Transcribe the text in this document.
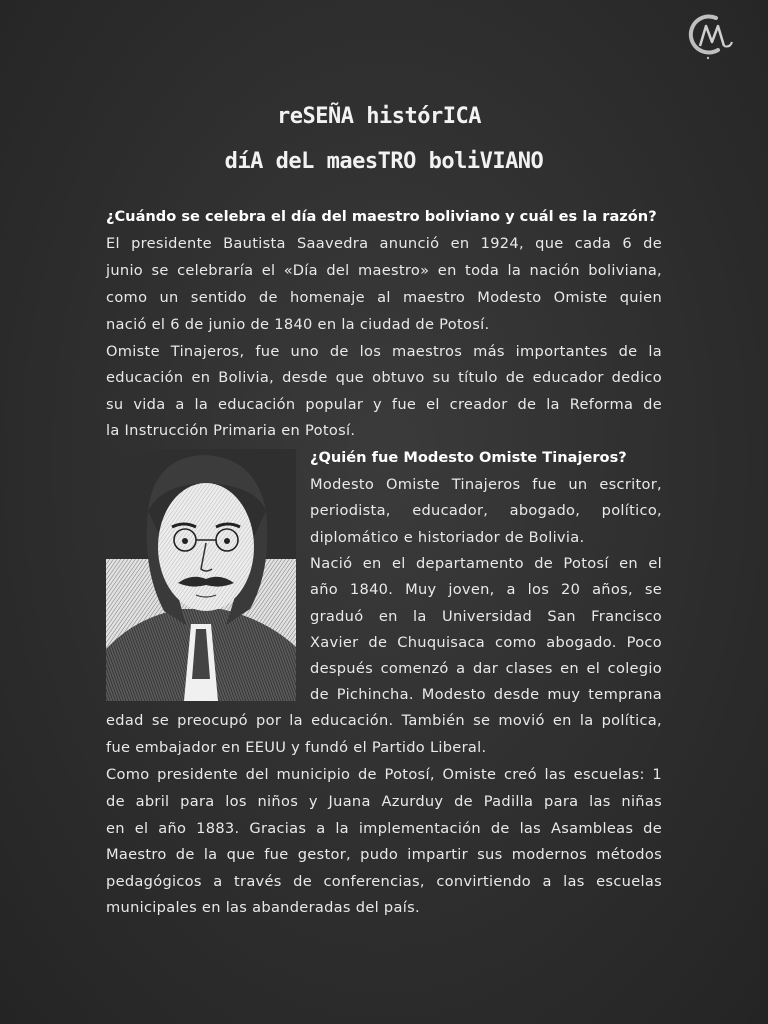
reSEÑA histórICA
díA deL maesTRO boliVIANO
¿Cuándo se celebra el día del maestro boliviano y cuál es la razón?
El presidente Bautista Saavedra anunció en 1924, que cada 6 de
junio se celebraría el «Día del maestro» en toda la nación boliviana,
como un sentido de homenaje al maestro Modesto Omiste quien
nació el 6 de junio de 1840 en la ciudad de Potosí.
Omiste Tinajeros, fue uno de los maestros más importantes de la
educación en Bolivia, desde que obtuvo su título de educador dedico
su vida a la educación popular y fue el creador de la Reforma de
la Instrucción Primaria en Potosí.
¿Quién fue Modesto Omiste Tinajeros?
Modesto Omiste Tinajeros fue un escritor,
periodista, educador, abogado, político,
diplomático e historiador de Bolivia.
Nació en el departamento de Potosí en el
año 1840. Muy joven, a los 20 años, se
graduó en la Universidad San Francisco
Xavier de Chuquisaca como abogado. Poco
después comenzó a dar clases en el colegio
de Pichincha. Modesto desde muy temprana
edad se preocupó por la educación. También se movió en la política,
fue embajador en EEUU y fundó el Partido Liberal.
Como presidente del municipio de Potosí, Omiste creó las escuelas: 1
de abril para los niños y Juana Azurduy de Padilla para las niñas
en el año 1883. Gracias a la implementación de las Asambleas de
Maestro de la que fue gestor, pudo impartir sus modernos métodos
pedagógicos a través de conferencias, convirtiendo a las escuelas
municipales en las abanderadas del país.
